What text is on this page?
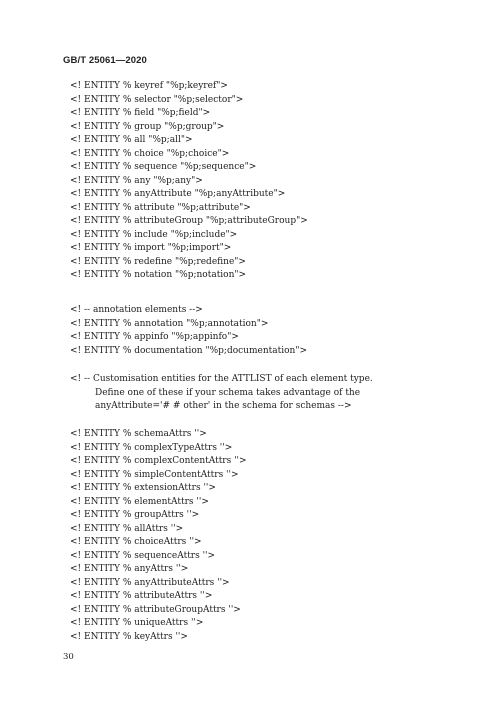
GB/T 25061—2020
<! ENTITY % keyref "%p;keyref">
<! ENTITY % selector "%p;selector">
<! ENTITY % field "%p;field">
<! ENTITY % group "%p;group">
<! ENTITY % all "%p;all">
<! ENTITY % choice "%p;choice">
<! ENTITY % sequence "%p;sequence">
<! ENTITY % any "%p;any">
<! ENTITY % anyAttribute "%p;anyAttribute">
<! ENTITY % attribute "%p;attribute">
<! ENTITY % attributeGroup "%p;attributeGroup">
<! ENTITY % include "%p;include">
<! ENTITY % import "%p;import">
<! ENTITY % redefine "%p;redefine">
<! ENTITY % notation "%p;notation">
<! -- annotation elements -->
<! ENTITY % annotation "%p;annotation">
<! ENTITY % appinfo "%p;appinfo">
<! ENTITY % documentation "%p;documentation">
<! -- Customisation entities for the ATTLIST of each element type.
Define one of these if your schema takes advantage of the
anyAttribute='# # other' in the schema for schemas -->
<! ENTITY % schemaAttrs ''>
<! ENTITY % complexTypeAttrs ''>
<! ENTITY % complexContentAttrs ''>
<! ENTITY % simpleContentAttrs ''>
<! ENTITY % extensionAttrs ''>
<! ENTITY % elementAttrs ''>
<! ENTITY % groupAttrs ''>
<! ENTITY % allAttrs ''>
<! ENTITY % choiceAttrs ''>
<! ENTITY % sequenceAttrs ''>
<! ENTITY % anyAttrs ''>
<! ENTITY % anyAttributeAttrs ''>
<! ENTITY % attributeAttrs ''>
<! ENTITY % attributeGroupAttrs ''>
<! ENTITY % uniqueAttrs ''>
<! ENTITY % keyAttrs ''>
30
